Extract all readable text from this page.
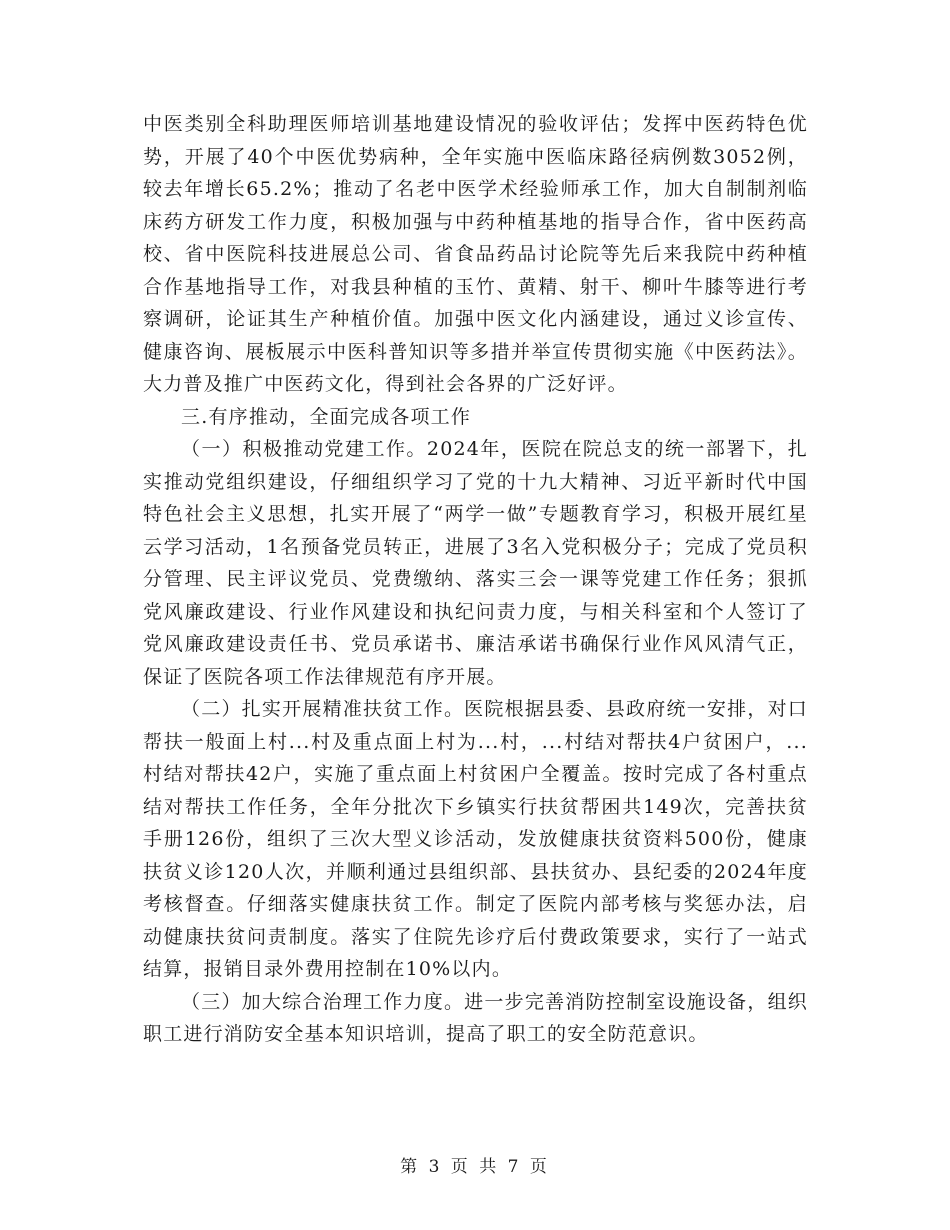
中医类别全科助理医师培训基地建设情况的验收评估；发挥中医药特色优势，开展了40个中医优势病种，全年实施中医临床路径病例数3052例，较去年增长65.2%；推动了名老中医学术经验师承工作，加大自制制剂临床药方研发工作力度，积极加强与中药种植基地的指导合作，省中医药高校、省中医院科技进展总公司、省食品药品讨论院等先后来我院中药种植合作基地指导工作，对我县种植的玉竹、黄精、射干、柳叶牛膝等进行考察调研，论证其生产种植价值。加强中医文化内涵建设，通过义诊宣传、健康咨询、展板展示中医科普知识等多措并举宣传贯彻实施《中医药法》。大力普及推广中医药文化，得到社会各界的广泛好评。

三.有序推动，全面完成各项工作

（一）积极推动党建工作。2024年，医院在院总支的统一部署下，扎实推动党组织建设，仔细组织学习了党的十九大精神、习近平新时代中国特色社会主义思想，扎实开展了“两学一做”专题教育学习，积极开展红星云学习活动，1名预备党员转正，进展了3名入党积极分子；完成了党员积分管理、民主评议党员、党费缴纳、落实三会一课等党建工作任务；狠抓党风廉政建设、行业作风建设和执纪问责力度，与相关科室和个人签订了党风廉政建设责任书、党员承诺书、廉洁承诺书确保行业作风风清气正，保证了医院各项工作法律规范有序开展。

（二）扎实开展精准扶贫工作。医院根据县委、县政府统一安排，对口帮扶一般面上村...村及重点面上村为...村，...村结对帮扶4户贫困户，...村结对帮扶42户，实施了重点面上村贫困户全覆盖。按时完成了各村重点结对帮扶工作任务，全年分批次下乡镇实行扶贫帮困共149次，完善扶贫手册126份，组织了三次大型义诊活动，发放健康扶贫资料500份，健康扶贫义诊120人次，并顺利通过县组织部、县扶贫办、县纪委的2024年度考核督查。仔细落实健康扶贫工作。制定了医院内部考核与奖惩办法，启动健康扶贫问责制度。落实了住院先诊疗后付费政策要求，实行了一站式结算，报销目录外费用控制在10%以内。

（三）加大综合治理工作力度。进一步完善消防控制室设施设备，组织职工进行消防安全基本知识培训，提高了职工的安全防范意识。

第 3 页 共 7 页
